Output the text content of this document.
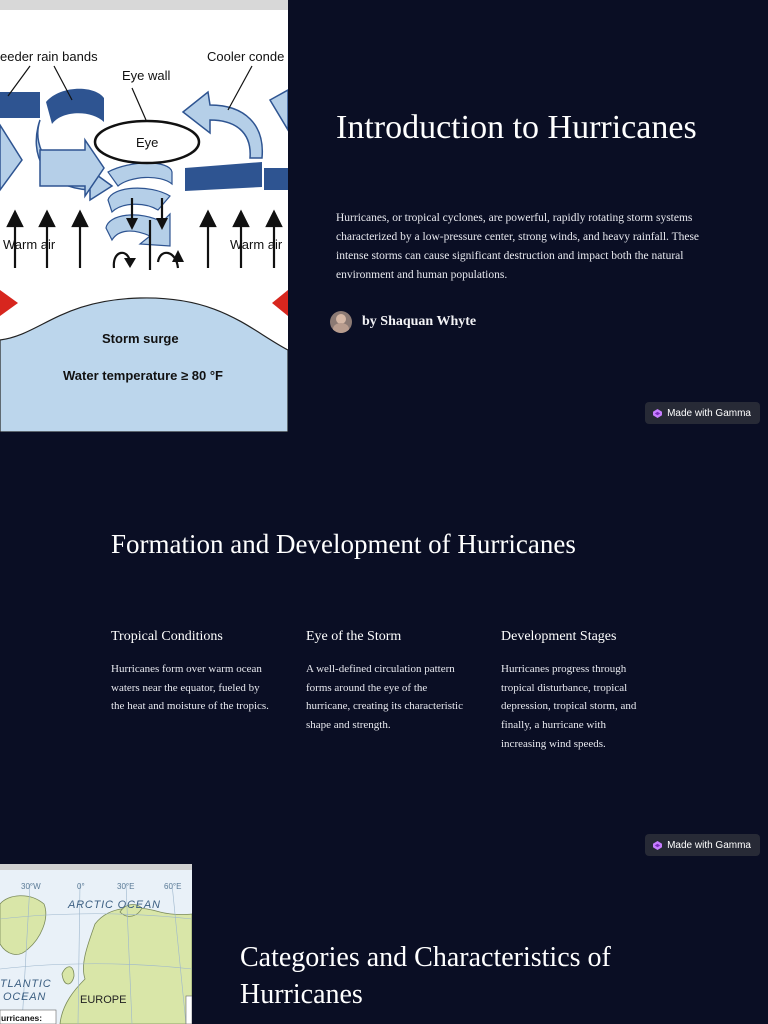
eeder rain bands	Cooler conde
Eye wall
Eye
Warm air	Warm air
Storm surge
Water temperature ≥ 80 °F
Introduction to Hurricanes

Hurricanes, or tropical cyclones, are powerful, rapidly rotating storm systems characterized by a low-pressure center, strong winds, and heavy rainfall. These intense storms can cause significant destruction and impact both the natural environment and human populations.

by Shaquan Whyte
Made with Gamma
Formation and Development of Hurricanes
Tropical Conditions

Hurricanes form over warm ocean waters near the equator, fueled by the heat and moisture of the tropics.

Eye of the Storm

A well-defined circulation pattern forms around the eye of the hurricane, creating its characteristic shape and strength.

Development Stages

Hurricanes progress through tropical disturbance, tropical depression, tropical storm, and finally, a hurricane with increasing wind speeds.

Made with Gamma
30°W	0°	30°E	60°E
ARCTIC OCEAN
TLANTIC
OCEAN	EUROPE
urricanes:
Categories and Characteristics of Hurricanes
